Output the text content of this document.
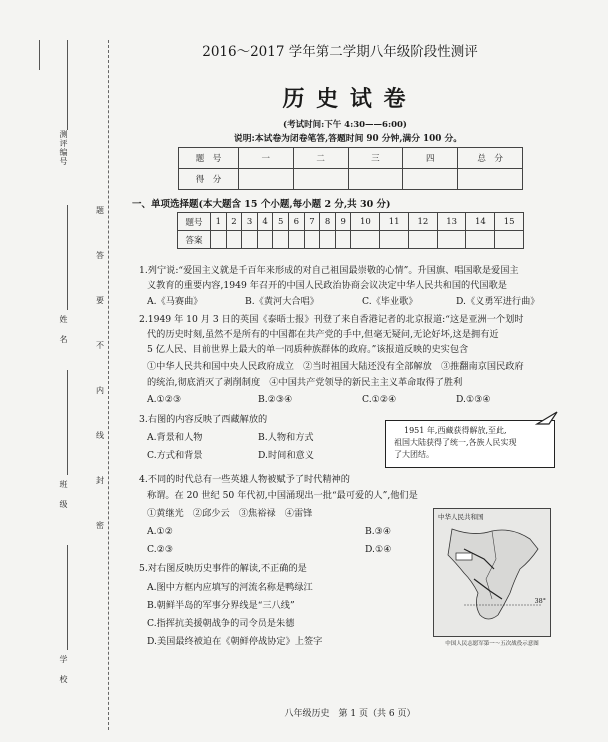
测评编号
姓名
班级
学校
题
答
要
不
内
线
封
密
2016～2017 学年第二学期八年级阶段性测评
历 史 试 卷
(考试时间:下午 4:30——6:00)
说明:本试卷为闭卷笔答,答题时间 90 分钟,满分 100 分。
题　号	一	二	三	四	总　分
得　分					
一、单项选择题(本大题含 15 个小题,每小题 2 分,共 30 分)
题号	1	2	3	4	5	6	7	8	9	10	11	12	13	14	15
答案															
1.列宁说:“爱国主义就是千百年来形成的对自己祖国最崇敬的心情”。升国旗、唱国歌是爱国主
义教育的重要内容,1949 年召开的中国人民政治协商会议决定中华人民共和国的代国歌是
A.《马赛曲》	B.《黄河大合唱》	C.《毕业歌》	D.《义勇军进行曲》
2.1949 年 10 月 3 日的英国《泰晤士报》刊登了来自香港记者的北京报道:“这是亚洲一个划时
代的历史时刻,虽然不是所有的中国都在共产党的手中,但毫无疑问,无论好坏,这是拥有近
5 亿人民、目前世界上最大的单一同质种族群体的政府。”该报道反映的史实包含
①中华人民共和国中央人民政府成立　②当时祖国大陆还没有全部解放　③推翻南京国民政府
的统治,彻底消灭了剥削制度　④中国共产党领导的新民主主义革命取得了胜利
A.①②③	B.②③④	C.①②④	D.①③④
3.右图的内容反映了西藏解放的
A.背景和人物	B.人物和方式
C.方式和背景	D.时间和意义
1951 年,西藏获得解放,至此,
祖国大陆获得了统一,各族人民实现
了大团结。
4.不同的时代总有一些英雄人物被赋予了时代精神的
称谓。在 20 世纪 50 年代初,中国涌现出一批“最可爱的人”,他们是
①黄继光　②邱少云　③焦裕禄　④雷锋
A.①②	B.③④
C.②③	D.①④
5.对右图反映历史事件的解读,不正确的是
A.图中方框内应填写的河流名称是鸭绿江
B.朝鲜半岛的军事分界线是“三八线”
C.指挥抗美援朝战争的司令员是朱德
D.美国最终被迫在《朝鲜停战协定》上签字
中华人民共和国
38°
中国人民志愿军第一～五次战役示意图
八年级历史　第 1 页（共 6 页）
